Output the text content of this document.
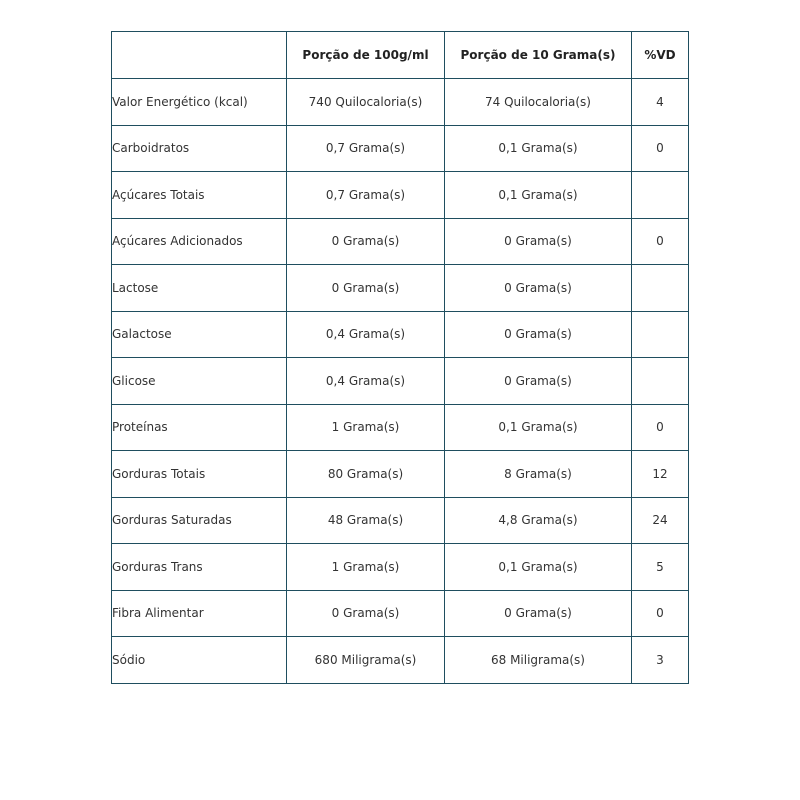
	Porção de 100g/ml	Porção de 10 Grama(s)	%VD
Valor Energético (kcal)	740 Quilocaloria(s)	74 Quilocaloria(s)	4
Carboidratos	0,7 Grama(s)	0,1 Grama(s)	0
Açúcares Totais	0,7 Grama(s)	0,1 Grama(s)	
Açúcares Adicionados	0 Grama(s)	0 Grama(s)	0
Lactose	0 Grama(s)	0 Grama(s)	
Galactose	0,4 Grama(s)	0 Grama(s)	
Glicose	0,4 Grama(s)	0 Grama(s)	
Proteínas	1 Grama(s)	0,1 Grama(s)	0
Gorduras Totais	80 Grama(s)	8 Grama(s)	12
Gorduras Saturadas	48 Grama(s)	4,8 Grama(s)	24
Gorduras Trans	1 Grama(s)	0,1 Grama(s)	5
Fibra Alimentar	0 Grama(s)	0 Grama(s)	0
Sódio	680 Miligrama(s)	68 Miligrama(s)	3
